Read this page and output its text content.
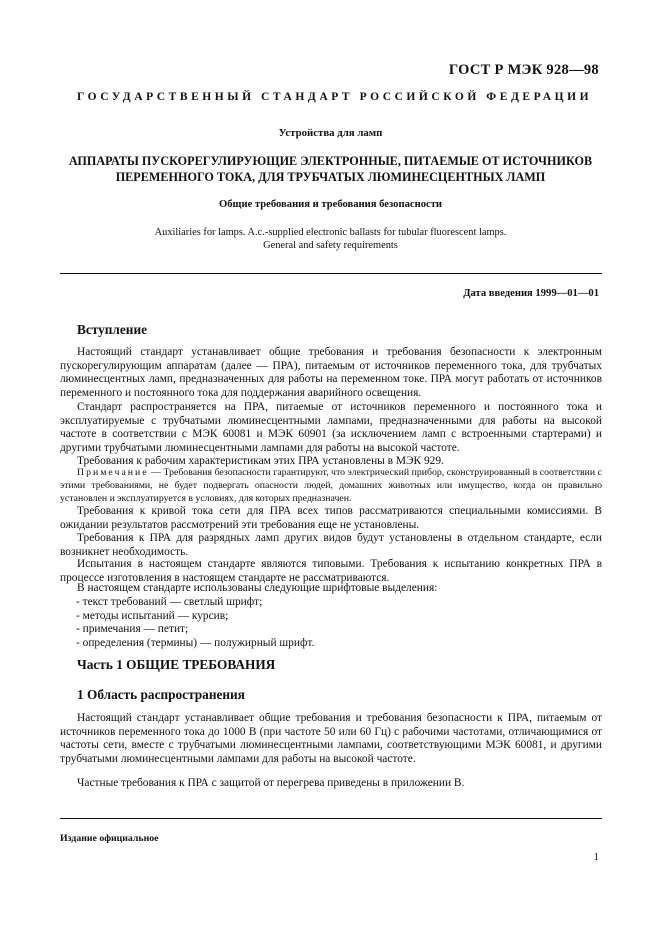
ГОСТ Р МЭК 928—98
ГОСУДАРСТВЕННЫЙ СТАНДАРТ РОССИЙСКОЙ ФЕДЕРАЦИИ
Устройства для ламп
АППАРАТЫ ПУСКОРЕГУЛИРУЮЩИЕ ЭЛЕКТРОННЫЕ, ПИТАЕМЫЕ ОТ ИСТОЧНИКОВ
ПЕРЕМЕННОГО ТОКА, ДЛЯ ТРУБЧАТЫХ ЛЮМИНЕСЦЕНТНЫХ ЛАМП
Общие требования и требования безопасности
Auxiliaries for lamps. A.c.-supplied electronic ballasts for tubular fluorescent lamps.
General and safety requirements
Дата введения 1999—01—01
Вступление

Настоящий стандарт устанавливает общие требования и требования безопасности к электронным пускорегулирующим аппаратам (далее — ПРА), питаемым от источников переменного тока, для трубчатых люминесцентных ламп, предназначенных для работы на переменном токе. ПРА могут работать от источников переменного и постоянного тока для поддержания аварийного освещения.

Стандарт распространяется на ПРА, питаемые от источников переменного и постоянного тока и эксплуатируемые с трубчатыми люминесцентными лампами, предназначенными для работы на высокой частоте в соответствии с МЭК 60081 и МЭК 60901 (за исключением ламп с встроенными стартерами) и другими трубчатыми люминесцентными лампами для работы на высокой частоте.

Требования к рабочим характеристикам этих ПРА установлены в МЭК 929.

Примечание — Требования безопасности гарантируют, что электрический прибор, сконструированный в соответствии с этими требованиями, не будет подвергать опасности людей, домашних животных или имущество, когда он правильно установлен и эксплуатируется в условиях, для которых предназначен.

Требования к кривой тока сети для ПРА всех типов рассматриваются специальными комиссиями. В ожидании результатов рассмотрений эти требования еще не установлены.

Требования к ПРА для разрядных ламп других видов будут установлены в отдельном стандарте, если возникнет необходимость.

Испытания в настоящем стандарте являются типовыми. Требования к испытанию конкретных ПРА в процессе изготовления в настоящем стандарте не рассматриваются.

В настоящем стандарте использованы следующие шрифтовые выделения:

- текст требований — светлый шрифт;
- методы испытаний — курсив;
- примечания — петит;
- определения (термины) — полужирный шрифт.
Часть 1 ОБЩИЕ ТРЕБОВАНИЯ
1 Область распространения

Настоящий стандарт устанавливает общие требования и требования безопасности к ПРА, питаемым от источников переменного тока до 1000 В (при частоте 50 или 60 Гц) с рабочими частотами, отличающимися от частоты сети, вместе с трубчатыми люминесцентными лампами, соответствующими МЭК 60081, и другими трубчатыми люминесцентными лампами для работы на высокой частоте.

Частные требования к ПРА с защитой от перегрева приведены в приложении В.

Издание официальное
1
